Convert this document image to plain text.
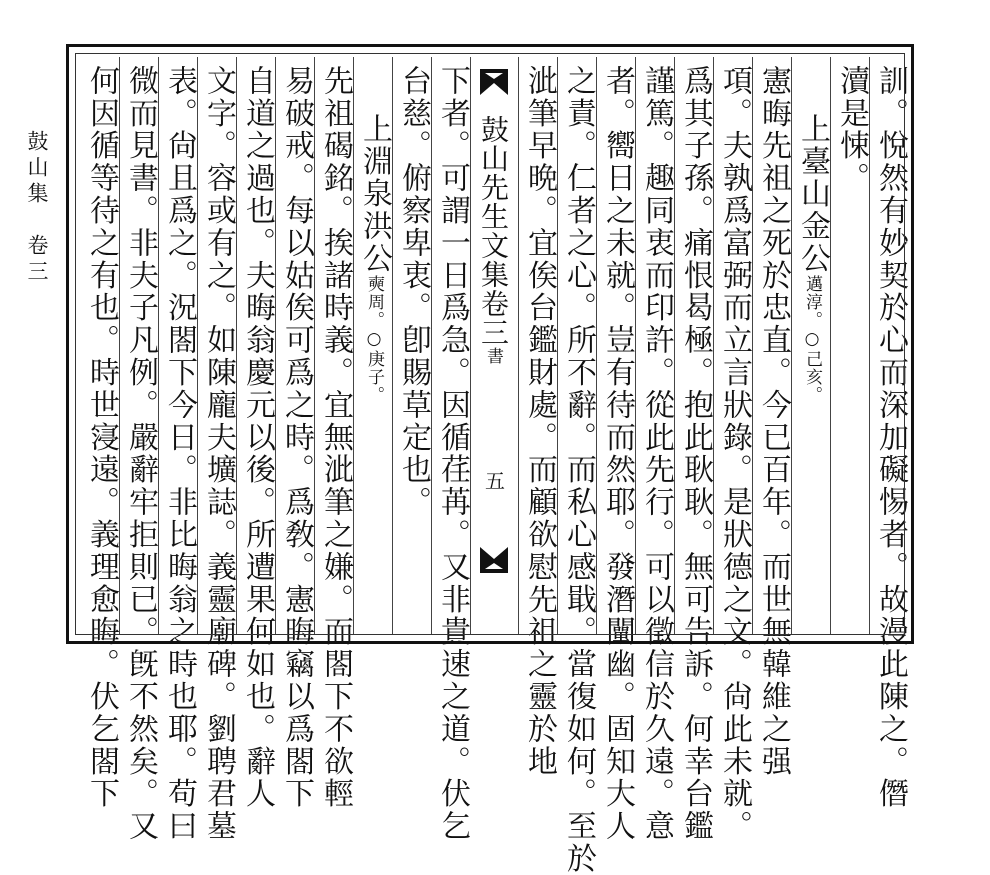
鼓山集　卷三	訓。悅然有妙契於心而深加礙惕者。故漫此陳之。僭
瀆是悚。
上臺山金公邁淳。○己亥。
憲晦先祖之死於忠直。今已百年。而世無韓維之强
項。夫孰爲富弼而立言狀錄。是狀德之文。尙此未就。
爲其子孫。痛恨曷極。抱此耿耿。無可告訴。何幸台鑑
謹篤。趣同衷而印許。從此先行。可以徵信於久遠。意
者。嚮日之未就。豈有待而然耶。發潛闡幽。固知大人
之責。仁者之心。所不辭。而私心感戢。當復如何。至於
泚筆早晩。宜俟台鑑財處。而顧欲慰先祖之靈於地
鼓山先生文集卷三書
五
下者。可謂一日爲急。因循荏苒。又非貴速之道。伏乞
台慈。俯察卑衷。卽賜草定也。
上淵泉洪公奭周。○庚子。
先祖碣銘。挨諸時義。宜無泚筆之嫌。而閤下不欲輕
易破戒。每以姑俟可爲之時。爲敎。憲晦竊以爲閤下
自道之過也。夫晦翁慶元以後。所遭果何如也。辭人
文字。容或有之。如陳龐夫壙誌。義靈廟碑。劉聘君墓
表。尙且爲之。況閤下今日。非比晦翁之時也耶。苟曰
微而見書。非夫子凡例。嚴辭牢拒則已。旣不然矣。又
何因循等待之有也。時世寖遠。義理愈晦。伏乞閤下
